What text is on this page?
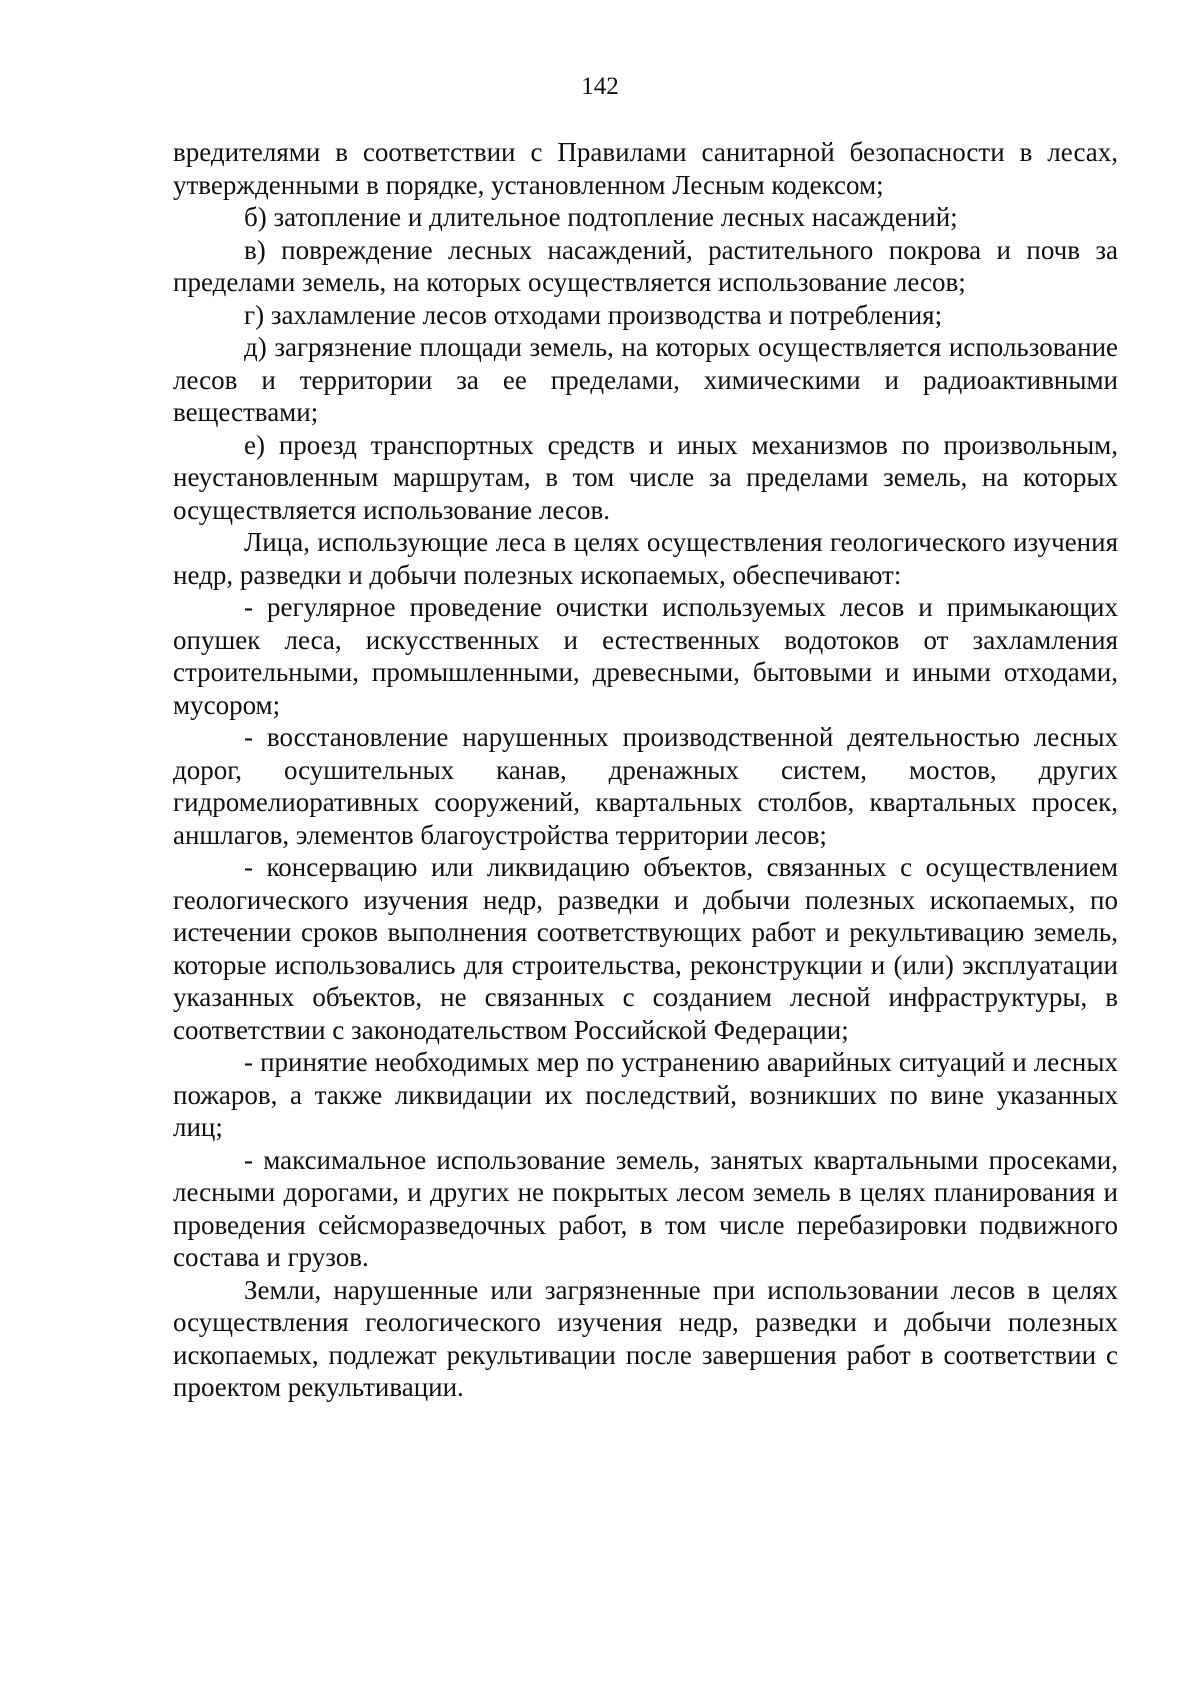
142

вредителями в соответствии с Правилами санитарной безопасности в лесах, утвержденными в порядке, установленном Лесным кодексом;

б) затопление и длительное подтопление лесных насаждений;

в) повреждение лесных насаждений, растительного покрова и почв за пределами земель, на которых осуществляется использование лесов;

г) захламление лесов отходами производства и потребления;

д) загрязнение площади земель, на которых осуществляется использование лесов и территории за ее пределами, химическими и радиоактивными веществами;

е) проезд транспортных средств и иных механизмов по произвольным, неустановленным маршрутам, в том числе за пределами земель, на которых осуществляется использование лесов.

Лица, использующие леса в целях осуществления геологического изучения недр, разведки и добычи полезных ископаемых, обеспечивают:

- регулярное проведение очистки используемых лесов и примыкающих опушек леса, искусственных и естественных водотоков от захламления строительными, промышленными, древесными, бытовыми и иными отходами, мусором;

- восстановление нарушенных производственной деятельностью лесных дорог, осушительных канав, дренажных систем, мостов, других гидромелиоративных сооружений, квартальных столбов, квартальных просек, аншлагов, элементов благоустройства территории лесов;

- консервацию или ликвидацию объектов, связанных с осуществлением геологического изучения недр, разведки и добычи полезных ископаемых, по истечении сроков выполнения соответствующих работ и рекультивацию земель, которые использовались для строительства, реконструкции и (или) эксплуатации указанных объектов, не связанных с созданием лесной инфраструктуры, в соответствии с законодательством Российской Федерации;

- принятие необходимых мер по устранению аварийных ситуаций и лесных пожаров, а также ликвидации их последствий, возникших по вине указанных лиц;

- максимальное использование земель, занятых квартальными просеками, лесными дорогами, и других не покрытых лесом земель в целях планирования и проведения сейсморазведочных работ, в том числе перебазировки подвижного состава и грузов.

Земли, нарушенные или загрязненные при использовании лесов в целях осуществления геологического изучения недр, разведки и добычи полезных ископаемых, подлежат рекультивации после завершения работ в соответствии с проектом рекультивации.
